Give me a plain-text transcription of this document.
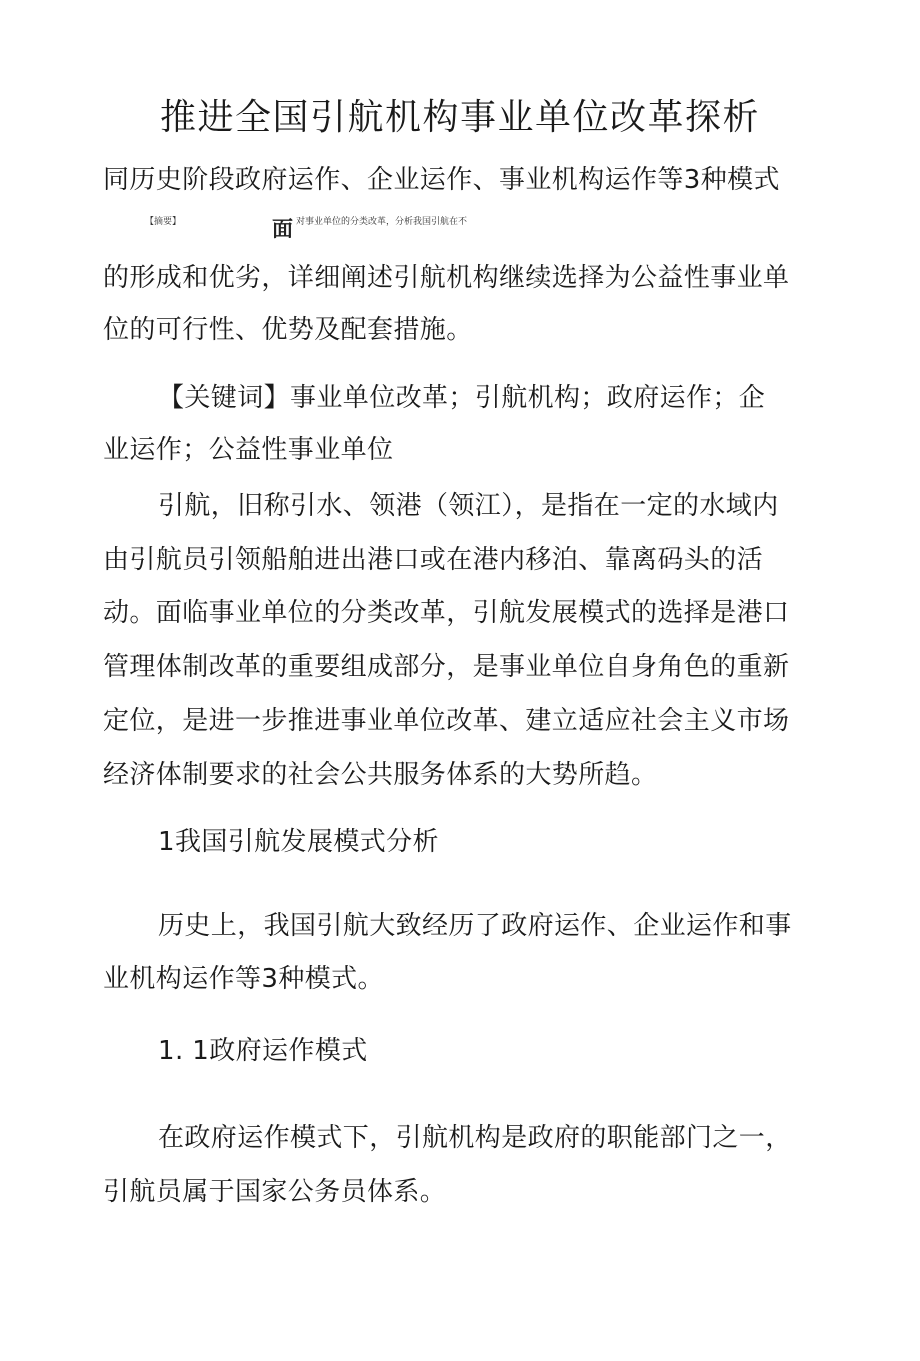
推进全国引航机构事业单位改革探析
同历史阶段政府运作、企业运作、事业机构运作等3种模式
【摘要】	面 对事业单位的分类改革，分析我国引航在不
的形成和优劣，详细阐述引航机构继续选择为公益性事业单
位的可行性、优势及配套措施。
【关键词】事业单位改革；引航机构；政府运作；企
业运作；公益性事业单位
引航，旧称引水、领港（领江），是指在一定的水域内
由引航员引领船舶进出港口或在港内移泊、靠离码头的活
动。面临事业单位的分类改革，引航发展模式的选择是港口
管理体制改革的重要组成部分，是事业单位自身角色的重新
定位，是进一步推进事业单位改革、建立适应社会主义市场
经济体制要求的社会公共服务体系的大势所趋。
1我国引航发展模式分析
历史上，我国引航大致经历了政府运作、企业运作和事
业机构运作等3种模式。
1. 1政府运作模式
在政府运作模式下，引航机构是政府的职能部门之一，
引航员属于国家公务员体系。
